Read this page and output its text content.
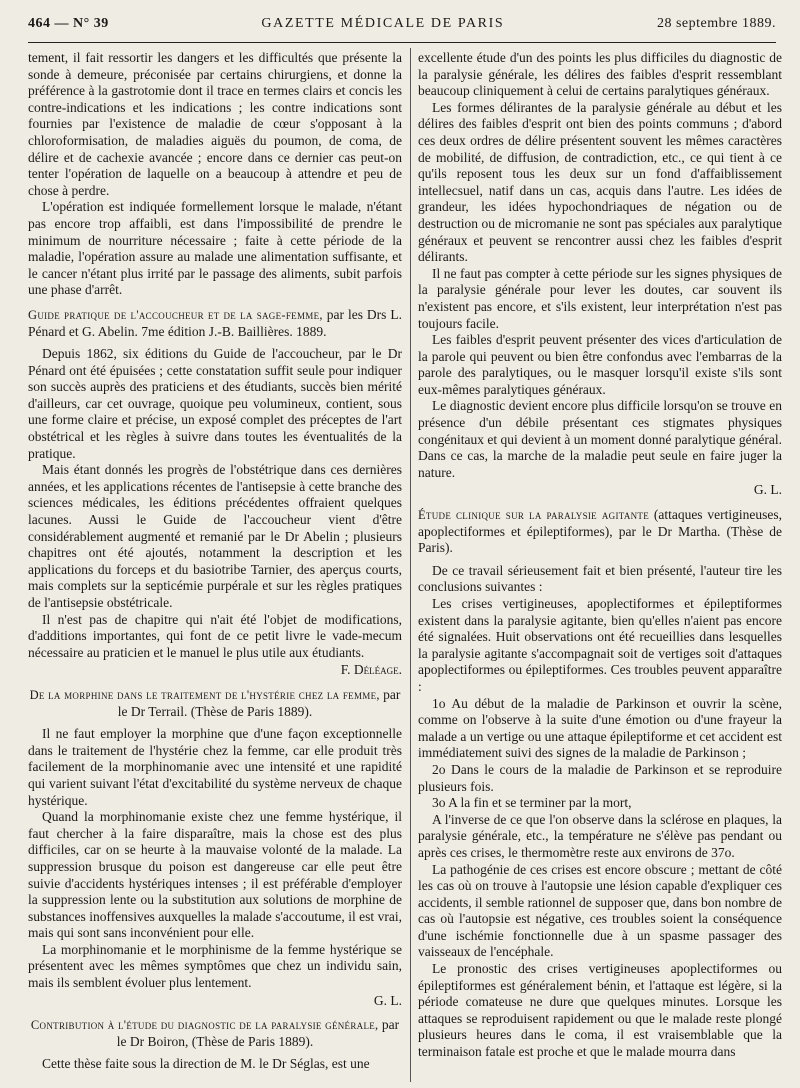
464 — N° 39	GAZETTE MÉDICALE DE PARIS	28 septembre 1889.

tement, il fait ressortir les dangers et les difficultés que présente la sonde à demeure, préconisée par certains chirurgiens, et donne la préférence à la gastrotomie dont il trace en termes clairs et concis les contre-indications et les indications ; les contre indications sont fournies par l'existence de maladie de cœur s'opposant à la chloroformisation, de maladies aiguës du poumon, de coma, de délire et de cachexie avancée ; encore dans ce dernier cas peut-on tenter l'opération de laquelle on a beaucoup à attendre et peu de chose à perdre.

L'opération est indiquée formellement lorsque le malade, n'étant pas encore trop affaibli, est dans l'impossibilité de prendre le minimum de nourriture nécessaire ; faite à cette période de la maladie, l'opération assure au malade une alimentation suffisante, et le cancer n'étant plus irrité par le passage des aliments, subit parfois une phase d'arrêt.

Guide pratique de l'accoucheur et de la sage-femme, par les Drs L. Pénard et G. Abelin. 7me édition J.-B. Baillières. 1889.

Depuis 1862, six éditions du Guide de l'accoucheur, par le Dr Pénard ont été épuisées ; cette constatation suffit seule pour indiquer son succès auprès des praticiens et des étudiants, succès bien mérité d'ailleurs, car cet ouvrage, quoique peu volumineux, contient, sous une forme claire et précise, un exposé complet des préceptes de l'art obstétrical et les règles à suivre dans toutes les éventualités de la pratique.

Mais étant donnés les progrès de l'obstétrique dans ces dernières années, et les applications récentes de l'antisepsie à cette branche des sciences médicales, les éditions précédentes offraient quelques lacunes. Aussi le Guide de l'accoucheur vient d'être considérablement augmenté et remanié par le Dr Abelin ; plusieurs chapitres ont été ajoutés, notamment la description et les applications du forceps et du basiotribe Tarnier, des aperçus courts, mais complets sur la septicémie purpérale et sur les règles pratiques de l'antisepsie obstétricale.

Il n'est pas de chapitre qui n'ait été l'objet de modifications, d'additions importantes, qui font de ce petit livre le vade-mecum nécessaire au praticien et le manuel le plus utile aux étudiants.

F. Déléage.

De la morphine dans le traitement de l'hystérie chez la femme, par le Dr Terrail. (Thèse de Paris 1889).

Il ne faut employer la morphine que d'une façon exceptionnelle dans le traitement de l'hystérie chez la femme, car elle produit très facilement de la morphinomanie avec une intensité et une rapidité qui varient suivant l'état d'excitabilité du système nerveux de chaque hystérique.

Quand la morphinomanie existe chez une femme hystérique, il faut chercher à la faire disparaître, mais la chose est des plus difficiles, car on se heurte à la mauvaise volonté de la malade. La suppression brusque du poison est dangereuse car elle peut être suivie d'accidents hystériques intenses ; il est préférable d'employer la suppression lente ou la substitution aux solutions de morphine de substances inoffensives auxquelles la malade s'accoutume, il est vrai, mais qui sont sans inconvénient pour elle.

La morphinomanie et le morphinisme de la femme hystérique se présentent avec les mêmes symptômes que chez un individu sain, mais ils semblent évoluer plus lentement.

G. L.

Contribution à l'étude du diagnostic de la paralysie générale, par le Dr Boiron, (Thèse de Paris 1889).

Cette thèse faite sous la direction de M. le Dr Séglas, est une

excellente étude d'un des points les plus difficiles du diagnostic de la paralysie générale, les délires des faibles d'esprit ressemblant beaucoup cliniquement à celui de certains paralytiques généraux.

Les formes délirantes de la paralysie générale au début et les délires des faibles d'esprit ont bien des points communs ; d'abord ces deux ordres de délire présentent souvent les mêmes caractères de mobilité, de diffusion, de contradiction, etc., ce qui tient à ce qu'ils reposent tous les deux sur un fond d'affaiblissement intellecsuel, natif dans un cas, acquis dans l'autre. Les idées de grandeur, les idées hypochondriaques de négation ou de destruction ou de micromanie ne sont pas spéciales aux paralytique généraux et peuvent se rencontrer aussi chez les faibles d'esprit délirants.

Il ne faut pas compter à cette période sur les signes physiques de la paralysie générale pour lever les doutes, car souvent ils n'existent pas encore, et s'ils existent, leur interprétation n'est pas toujours facile.

Les faibles d'esprit peuvent présenter des vices d'articulation de la parole qui peuvent ou bien être confondus avec l'embarras de la parole des paralytiques, ou le masquer lorsqu'il existe s'ils sont eux-mêmes paralytiques généraux.

Le diagnostic devient encore plus difficile lorsqu'on se trouve en présence d'un débile présentant ces stigmates physiques congénitaux et qui devient à un moment donné paralytique général. Dans ce cas, la marche de la maladie peut seule en faire juger la nature.

G. L.

Étude clinique sur la paralysie agitante (attaques vertigineuses, apoplectiformes et épileptiformes), par le Dr Martha. (Thèse de Paris).

De ce travail sérieusement fait et bien présenté, l'auteur tire les conclusions suivantes :

Les crises vertigineuses, apoplectiformes et épileptiformes existent dans la paralysie agitante, bien qu'elles n'aient pas encore été signalées. Huit observations ont été recueillies dans lesquelles la paralysie agitante s'accompagnait soit de vertiges soit d'attaques apoplectiformes ou épileptiformes. Ces troubles peuvent apparaître :

1o Au début de la maladie de Parkinson et ouvrir la scène, comme on l'observe à la suite d'une émotion ou d'une frayeur la malade a un vertige ou une attaque épileptiforme et cet accident est immédiatement suivi des signes de la maladie de Parkinson ;

2o Dans le cours de la maladie de Parkinson et se reproduire plusieurs fois.

3o A la fin et se terminer par la mort,

A l'inverse de ce que l'on observe dans la sclérose en plaques, la paralysie générale, etc., la température ne s'élève pas pendant ou après ces crises, le thermomètre reste aux environs de 37o.

La pathogénie de ces crises est encore obscure ; mettant de côté les cas où on trouve à l'autopsie une lésion capable d'expliquer ces accidents, il semble rationnel de supposer que, dans bon nombre de cas où l'autopsie est négative, ces troubles soient la conséquence d'une ischémie fonctionnelle due à un spasme passager des vaisseaux de l'encéphale.

Le pronostic des crises vertigineuses apoplectiformes ou épileptiformes est généralement bénin, et l'attaque est légère, si la période comateuse ne dure que quelques minutes. Lorsque les attaques se reproduisent rapidement ou que le malade reste plongé plusieurs heures dans le coma, il est vraisemblable que la terminaison fatale est proche et que le malade mourra dans
